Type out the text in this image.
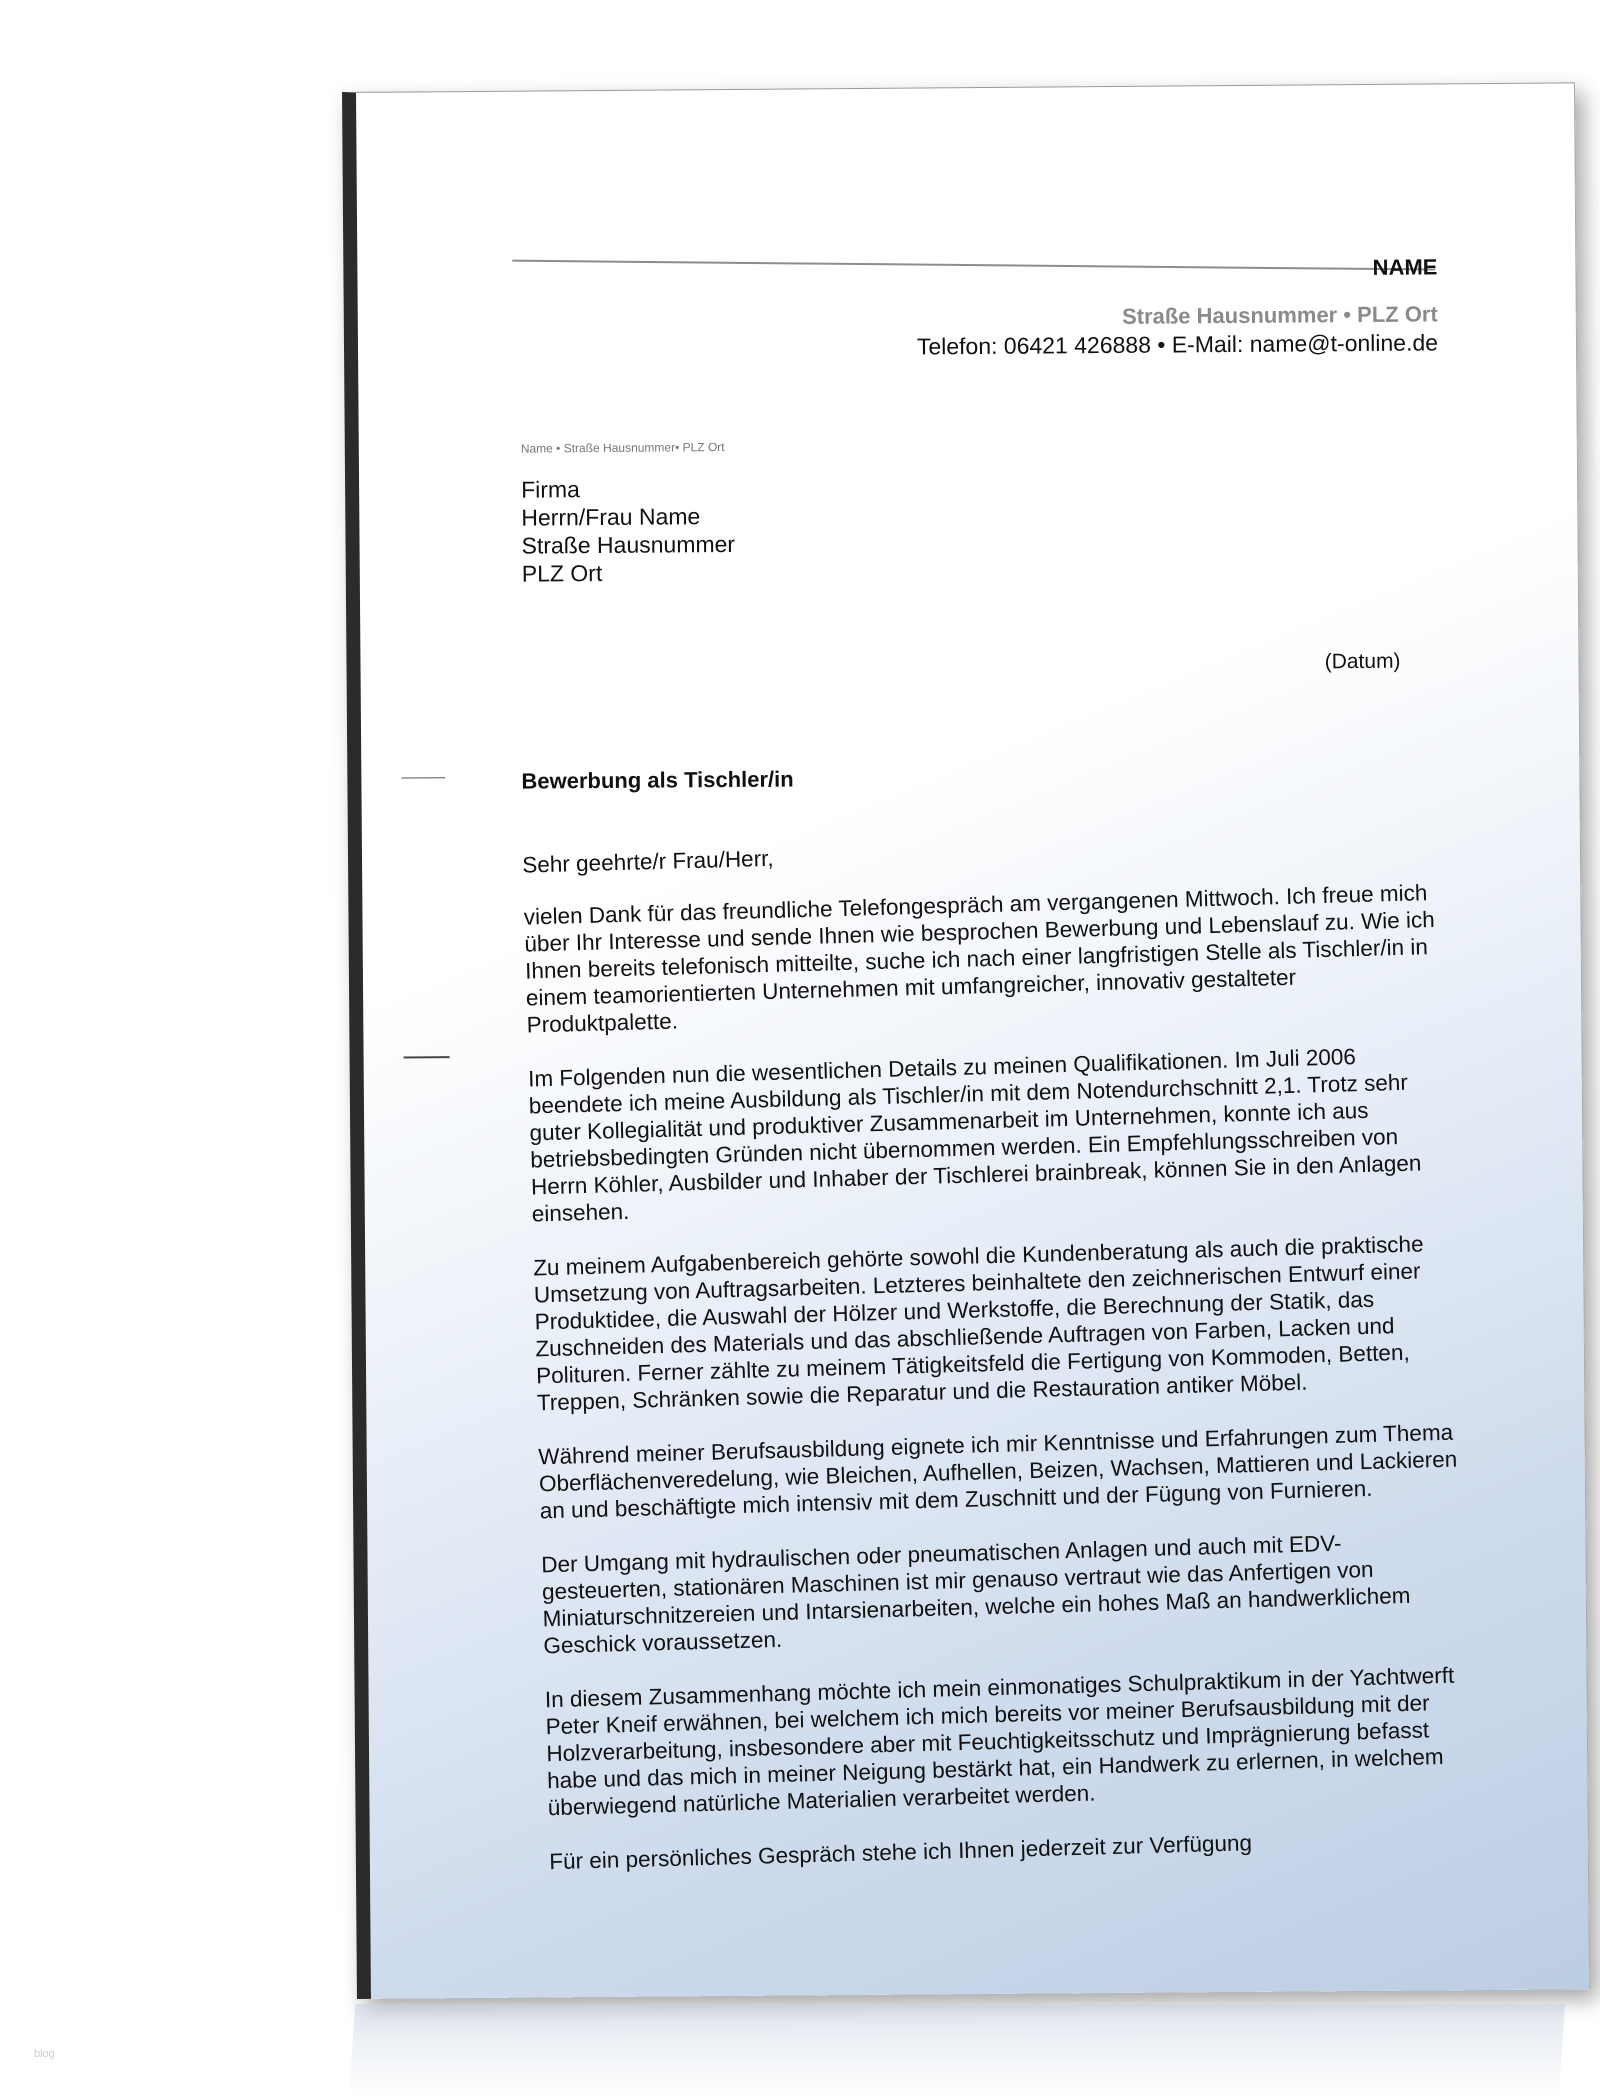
NAME
Straße Hausnummer • PLZ Ort
Telefon: 06421 426888 • E-Mail: name@t-online.de
Name • Straße Hausnummer• PLZ Ort
Firma
Herrn/Frau Name
Straße Hausnummer
PLZ Ort
(Datum)
Bewerbung als Tischler/in

Sehr geehrte/r Frau/Herr,

vielen Dank für das freundliche Telefongespräch am vergangenen Mittwoch. Ich freue mich über Ihr Interesse und sende Ihnen wie besprochen Bewerbung und Lebenslauf zu. Wie ich Ihnen bereits telefonisch mitteilte, suche ich nach einer langfristigen Stelle als Tischler/in in einem teamorientierten Unternehmen mit umfangreicher, innovativ gestalteter Produktpalette.

Im Folgenden nun die wesentlichen Details zu meinen Qualifikationen. Im Juli 2006 beendete ich meine Ausbildung als Tischler/in mit dem Notendurchschnitt 2,1. Trotz sehr guter Kollegialität und produktiver Zusammenarbeit im Unternehmen, konnte ich aus betriebsbedingten Gründen nicht übernommen werden. Ein Empfehlungsschreiben von Herrn Köhler, Ausbilder und Inhaber der Tischlerei brainbreak, können Sie in den Anlagen einsehen.

Zu meinem Aufgabenbereich gehörte sowohl die Kundenberatung als auch die praktische Umsetzung von Auftragsarbeiten. Letzteres beinhaltete den zeichnerischen Entwurf einer Produktidee, die Auswahl der Hölzer und Werkstoffe, die Berechnung der Statik, das Zuschneiden des Materials und das abschließende Auftragen von Farben, Lacken und Polituren. Ferner zählte zu meinem Tätigkeitsfeld die Fertigung von Kommoden, Betten, Treppen, Schränken sowie die Reparatur und die Restauration antiker Möbel.

Während meiner Berufsausbildung eignete ich mir Kenntnisse und Erfahrungen zum Thema Oberflächenveredelung, wie Bleichen, Aufhellen, Beizen, Wachsen, Mattieren und Lackieren an und beschäftigte mich intensiv mit dem Zuschnitt und der Fügung von Furnieren.

Der Umgang mit hydraulischen oder pneumatischen Anlagen und auch mit EDV-gesteuerten, stationären Maschinen ist mir genauso vertraut wie das Anfertigen von Miniaturschnitzereien und Intarsienarbeiten, welche ein hohes Maß an handwerklichem Geschick voraussetzen.

In diesem Zusammenhang möchte ich mein einmonatiges Schulpraktikum in der Yachtwerft Peter Kneif erwähnen, bei welchem ich mich bereits vor meiner Berufsausbildung mit der Holzverarbeitung, insbesondere aber mit Feuchtigkeitsschutz und Imprägnierung befasst habe und das mich in meiner Neigung bestärkt hat, ein Handwerk zu erlernen, in welchem überwiegend natürliche Materialien verarbeitet werden.

Für ein persönliches Gespräch stehe ich Ihnen jederzeit zur Verfügung

blog
